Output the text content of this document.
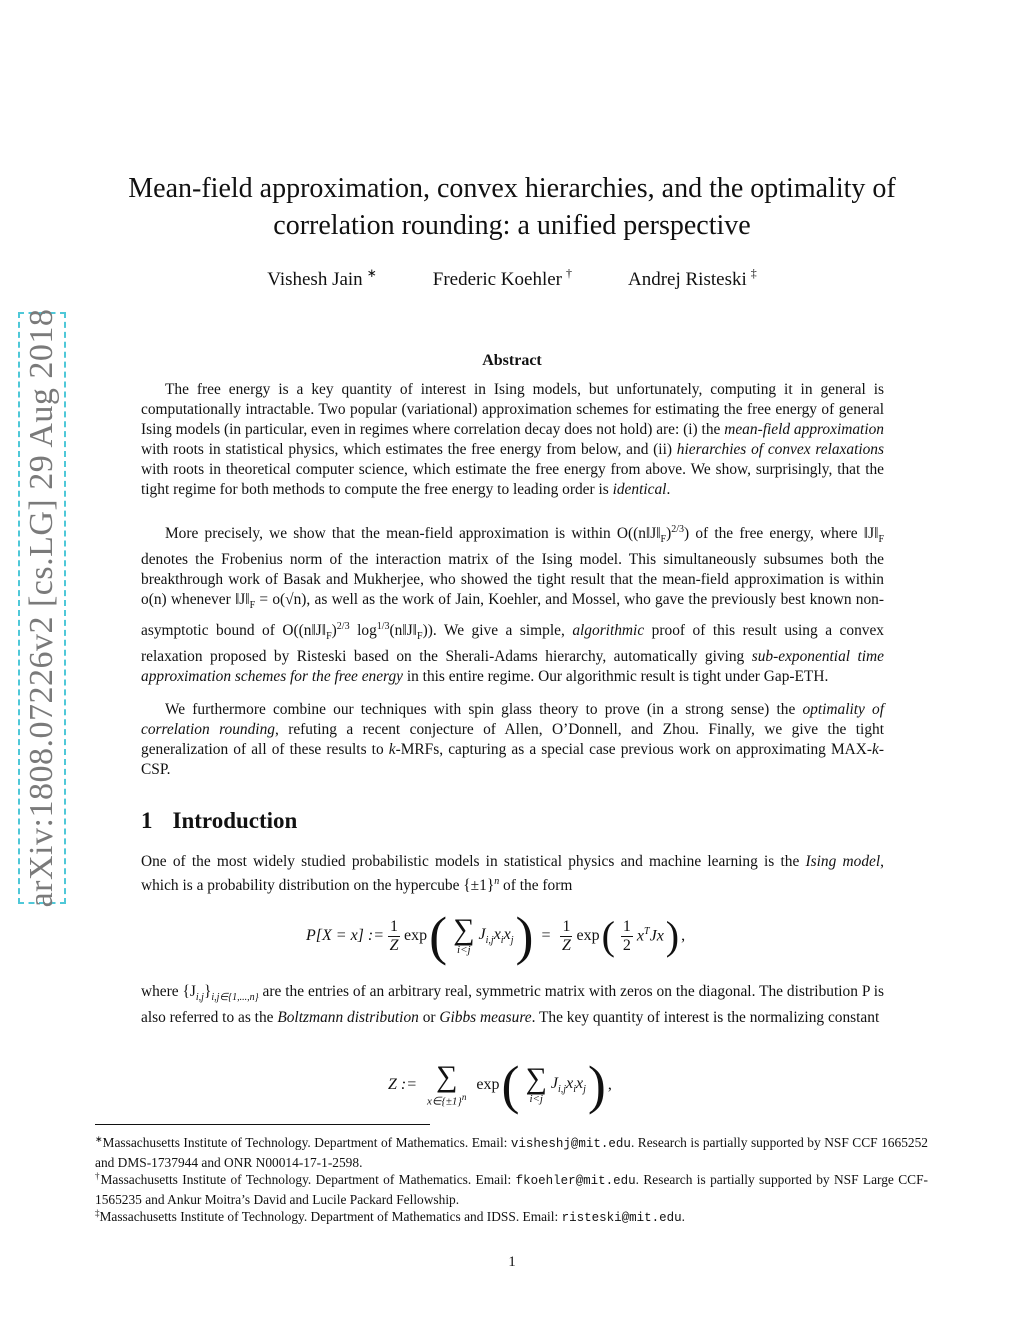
arXiv:1808.07226v2 [cs.LG] 29 Aug 2018
Mean-field approximation, convex hierarchies, and the optimality of
correlation rounding: a unified perspective
Vishesh Jain ∗	Frederic Koehler †	Andrej Risteski ‡
Abstract

The free energy is a key quantity of interest in Ising models, but unfortunately, computing it in general is computationally intractable. Two popular (variational) approximation schemes for estimating the free energy of general Ising models (in particular, even in regimes where correlation decay does not hold) are: (i) the mean-field approximation with roots in statistical physics, which estimates the free energy from below, and (ii) hierarchies of convex relaxations with roots in theoretical computer science, which estimate the free energy from above. We show, surprisingly, that the tight regime for both methods to compute the free energy to leading order is identical.

More precisely, we show that the mean-field approximation is within $O((n‖J‖_F)^{2/3})$ of the free energy, where $‖J‖_F$ denotes the Frobenius norm of the interaction matrix of the Ising model. This simultaneously subsumes both the breakthrough work of Basak and Mukherjee, who showed the tight result that the mean-field approximation is within o(n) whenever $‖J‖_F = o(√n)$, as well as the work of Jain, Koehler, and Mossel, who gave the previously best known non-asymptotic bound of $O((n‖J‖_F)^{2/3}$ $\log^{1/3}(n‖J‖_F)$). We give a simple, algorithmic proof of this result using a convex relaxation proposed by Risteski based on the Sherali-Adams hierarchy, automatically giving sub-exponential time approximation schemes for the free energy in this entire regime. Our algorithmic result is tight under Gap-ETH.

We furthermore combine our techniques with spin glass theory to prove (in a strong sense) the optimality of correlation rounding, refuting a recent conjecture of Allen, O’Donnell, and Zhou. Finally, we give the tight generalization of all of these results to k-MRFs, capturing as a special case previous work on approximating MAX-k-CSP.

1 Introduction

One of the most widely studied probabilistic models in statistical physics and machine learning is the Ising model, which is a probability distribution on the hypercube $\{\pm 1\}^n$ of the form

P[X = x] := $\frac{1}{Z}$ exp ( ∑
i<j
$J_{i,j}x_ix_j$ ) = $\frac{1}{Z}$ exp ( $\frac{1}{2} x^TJx$ ) ,

where $\{J_{i,j}\}_{i,j\in\{1,...,n\}}$ are the entries of an arbitrary real, symmetric matrix with zeros on the diagonal. The distribution P is also referred to as the Boltzmann distribution or Gibbs measure. The key quantity of interest is the normalizing constant

Z := ∑
$x\in\{\pm 1\}^n$
exp ( ∑
i<j
$J_{i,j}x_ix_j$ ) ,

∗Massachusetts Institute of Technology. Department of Mathematics. Email: visheshj@mit.edu. Research is partially supported by NSF CCF 1665252 and DMS-1737944 and ONR N00014-17-1-2598.

†Massachusetts Institute of Technology. Department of Mathematics. Email: fkoehler@mit.edu. Research is partially supported by NSF Large CCF-1565235 and Ankur Moitra’s David and Lucile Packard Fellowship.

‡Massachusetts Institute of Technology. Department of Mathematics and IDSS. Email: risteski@mit.edu.

1
